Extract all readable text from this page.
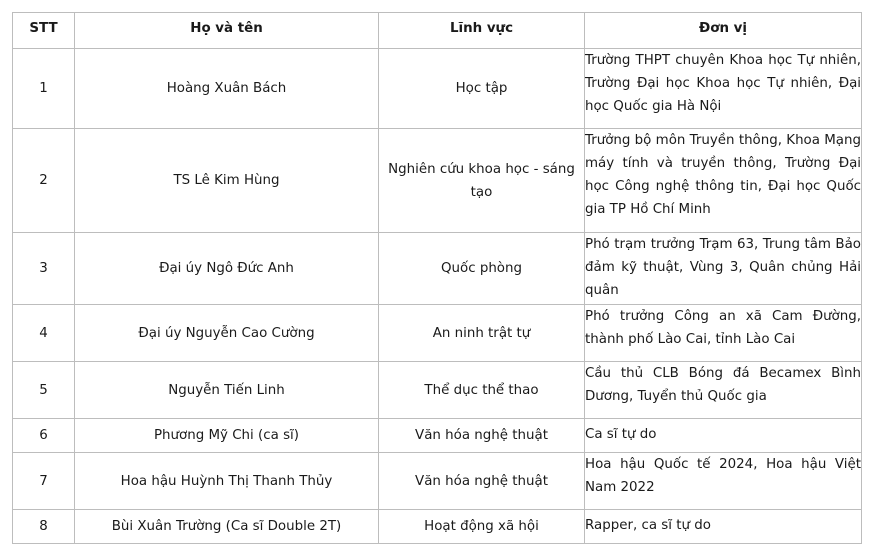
STT	Họ và tên	Lĩnh vực	Đơn vị
1	Hoàng Xuân Bách	Học tập	Trường THPT chuyên Khoa học Tự nhiên, Trường Đại học Khoa học Tự nhiên, Đại học Quốc gia Hà Nội
2	TS Lê Kim Hùng	Nghiên cứu khoa học - sáng tạo	Trưởng bộ môn Truyền thông, Khoa Mạng máy tính và truyền thông, Trường Đại học Công nghệ thông tin, Đại học Quốc gia TP Hồ Chí Minh
3	Đại úy Ngô Đức Anh	Quốc phòng	Phó trạm trưởng Trạm 63, Trung tâm Bảo đảm kỹ thuật, Vùng 3, Quân chủng Hải quân
4	Đại úy Nguyễn Cao Cường	An ninh trật tự	Phó trưởng Công an xã Cam Đường, thành phố Lào Cai, tỉnh Lào Cai
5	Nguyễn Tiến Linh	Thể dục thể thao	Cầu thủ CLB Bóng đá Becamex Bình Dương, Tuyển thủ Quốc gia
6	Phương Mỹ Chi (ca sĩ)	Văn hóa nghệ thuật	Ca sĩ tự do
7	Hoa hậu Huỳnh Thị Thanh Thủy	Văn hóa nghệ thuật	Hoa hậu Quốc tế 2024, Hoa hậu Việt Nam 2022
8	Bùi Xuân Trường (Ca sĩ Double 2T)	Hoạt động xã hội	Rapper, ca sĩ tự do
